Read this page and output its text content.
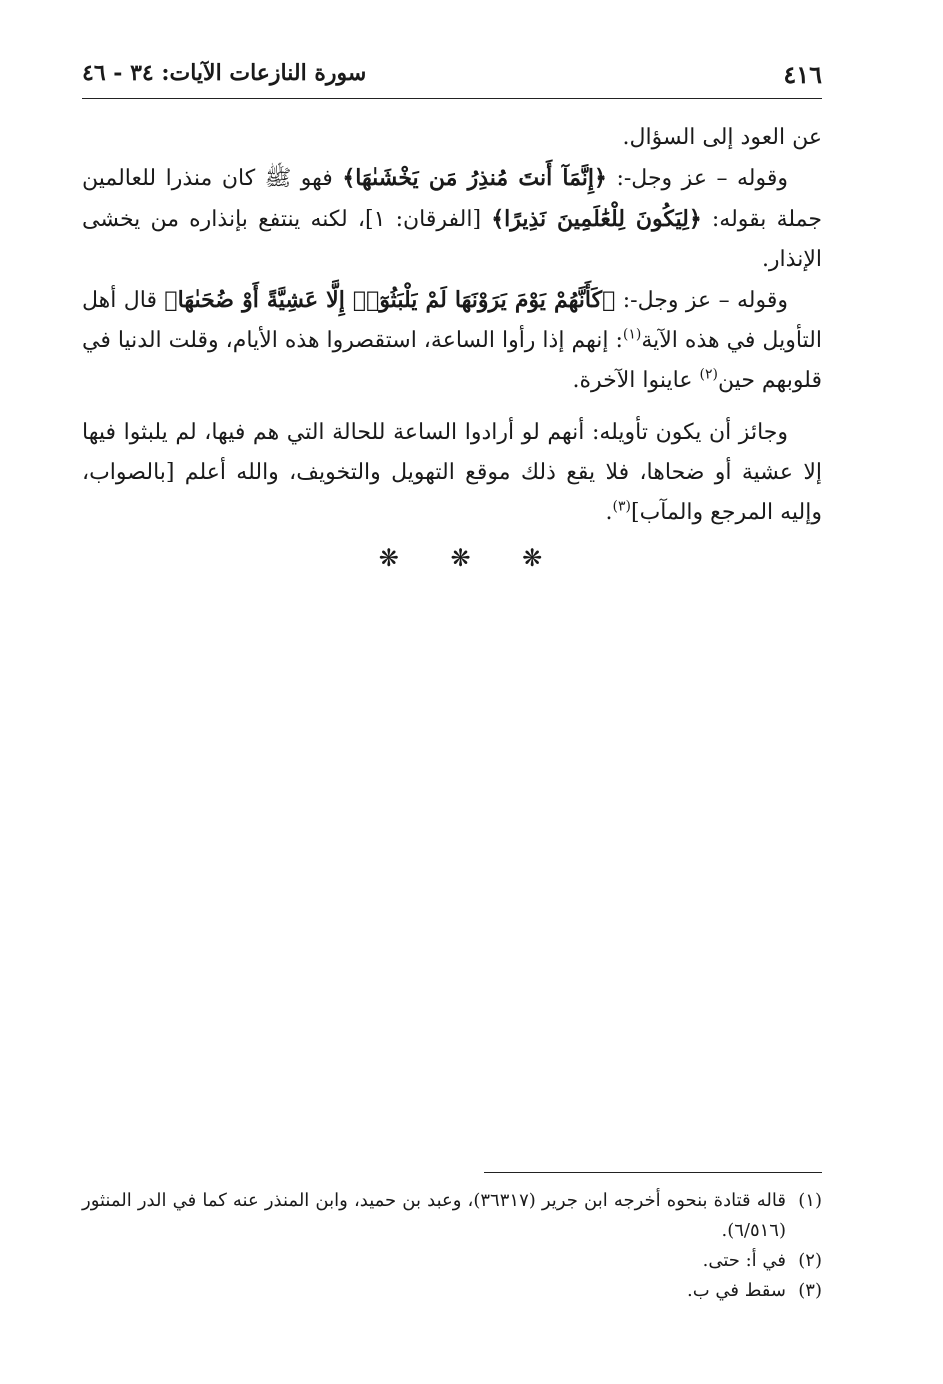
٤١٦
سورة النازعات الآيات: ٣٤ - ٤٦

عن العود إلى السؤال.

وقوله – عز وجل-: ﴿إِنَّمَآ أَنتَ مُنذِرُ مَن يَخْشَىٰهَا﴾ فهو ﷺ كان منذرا للعالمين جملة بقوله: ﴿لِيَكُونَ لِلْعَٰلَمِينَ نَذِيرًا﴾ [الفرقان: ١]، لكنه ينتفع بإنذاره من يخشى الإنذار.

وقوله – عز وجل-: ﴿كَأَنَّهُمْ يَوْمَ يَرَوْنَهَا لَمْ يَلْبَثُوٓا۟ إِلَّا عَشِيَّةً أَوْ ضُحَىٰهَا﴾ قال أهل التأويل في هذه الآية$^{(١)}$: إنهم إذا رأوا الساعة، استقصروا هذه الأيام، وقلت الدنيا في قلوبهم حين$^{(٢)}$ عاينوا الآخرة.

وجائز أن يكون تأويله: أنهم لو أرادوا الساعة للحالة التي هم فيها، لم يلبثوا فيها إلا عشية أو ضحاها، فلا يقع ذلك موقع التهويل والتخويف، والله أعلم [بالصواب، وإليه المرجع والمآب]$^{(٣)}$.

❋ ❋ ❋
(١)
قاله قتادة بنحوه أخرجه ابن جرير (٣٦٣١٧)، وعبد بن حميد، وابن المنذر عنه كما في الدر المنثور (٦/٥١٦).
(٢)
في أ: حتى.
(٣)
سقط في ب.
